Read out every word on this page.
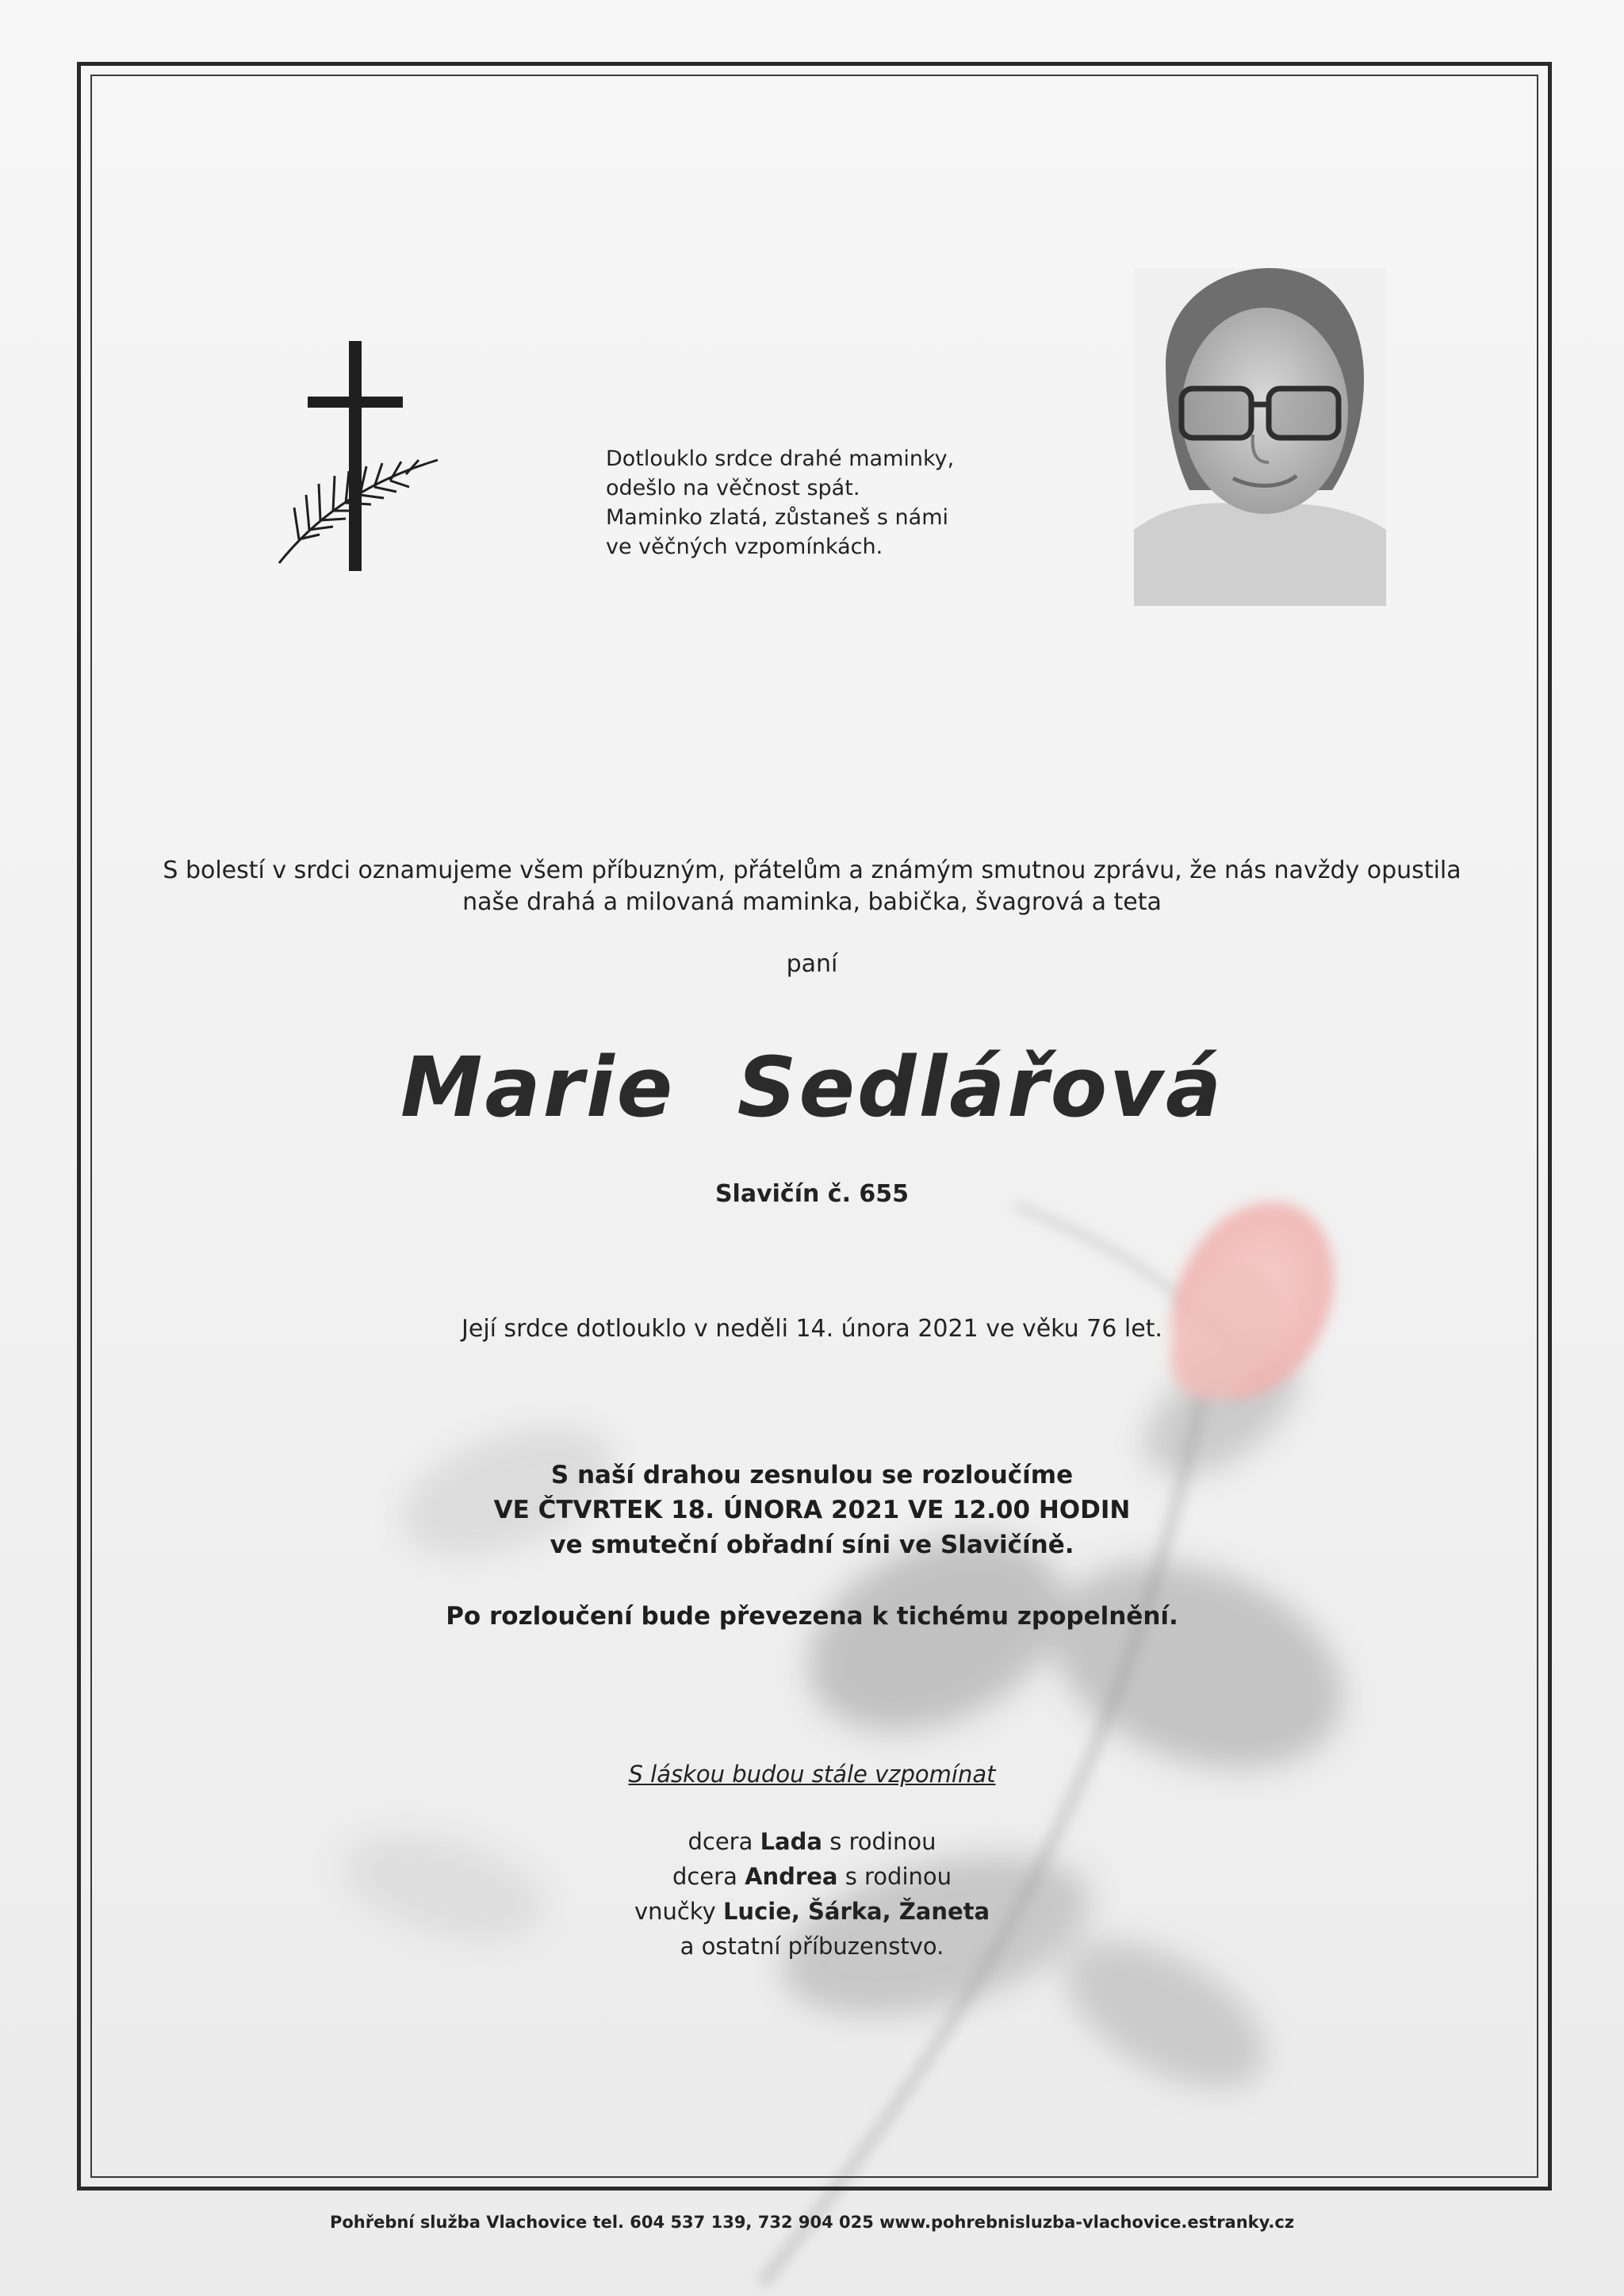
Dotlouklo srdce drahé maminky,
odešlo na věčnost spát.
Maminko zlatá, zůstaneš s námi
ve věčných vzpomínkách.
S bolestí v srdci oznamujeme všem příbuzným, přátelům a známým smutnou zprávu, že nás navždy opustila
naše drahá a milovaná maminka, babička, švagrová a teta
paní
Marie Sedlářová
Slavičín č. 655
Její srdce dotlouklo v neděli 14. února 2021 ve věku 76 let.
S naší drahou zesnulou se rozloučíme
VE ČTVRTEK 18. ÚNORA 2021 VE 12.00 HODIN
ve smuteční obřadní síni ve Slavičíně.
Po rozloučení bude převezena k tichému zpopelnění.
S láskou budou stále vzpomínat
dcera Lada s rodinou
dcera Andrea s rodinou
vnučky Lucie, Šárka, Žaneta
a ostatní příbuzenstvo.
Pohřební služba Vlachovice tel. 604 537 139, 732 904 025 www.pohrebnisluzba-vlachovice.estranky.cz
